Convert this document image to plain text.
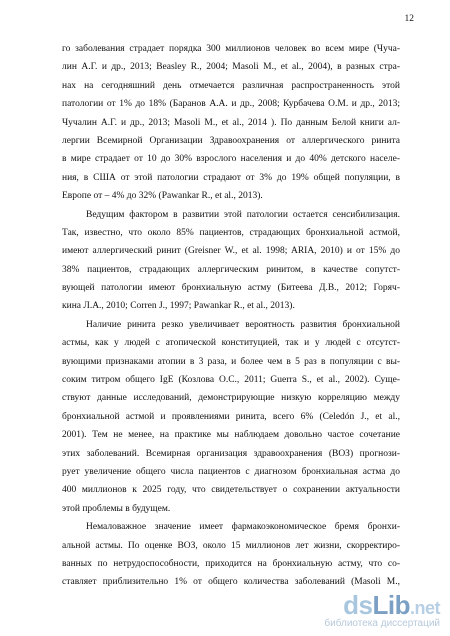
12
го заболевания страдает порядка 300 миллионов человек во всем мире (Чуча-
лин А.Г. и др., 2013; Beasley R., 2004; Masoli M., et al., 2004), в разных стра-
нах на сегодняшний день отмечается различная распространенность этой
патологии от 1% до 18% (Баранов А.А. и др., 2008; Курбачева О.М. и др., 2013;
Чучалин А.Г. и др., 2013; Masoli M., et al., 2014 ). По данным Белой книги ал-
лергии Всемирной Организации Здравоохранения от аллергического ринита
в мире страдает от 10 до 30% взрослого населения и до 40% детского населе-
ния, в США от этой патологии страдают от 3% до 19% общей популяции, в
Европе от – 4% до 32% (Pawankar R., et al., 2013).
Ведущим фактором в развитии этой патологии остается сенсибилизация.
Так, известно, что около 85% пациентов, страдающих бронхиальной астмой,
имеют аллергический ринит (Greisner W., et al. 1998; ARIA, 2010) и от 15% до
38% пациентов, страдающих аллергическим ринитом, в качестве сопутст-
вующей патологии имеют бронхиальную астму (Битеева Д.В., 2012; Горяч-
кина Л.А., 2010; Corren J., 1997; Pawankar R., et al., 2013).
Наличие ринита резко увеличивает вероятность развития бронхиальной
астмы, как у людей с атопической конституцией, так и у людей с отсутст-
вующими признаками атопии в 3 раза, и более чем в 5 раз в популяции с вы-
соким титром общего IgE (Козлова О.С., 2011; Guerra S., et al., 2002). Суще-
ствуют данные исследований, демонстрирующие низкую корреляцию между
бронхиальной астмой и проявлениями ринита, всего 6% (Celedón J., et al.,
2001). Тем не менее, на практике мы наблюдаем довольно частое сочетание
этих заболеваний. Всемирная организация здравоохранения (ВОЗ) прогнози-
рует увеличение общего числа пациентов с диагнозом бронхиальная астма до
400 миллионов к 2025 году, что свидетельствует о сохранении актуальности
этой проблемы в будущем.
Немаловажное значение имеет фармакоэкономическое бремя бронхи-
альной астмы. По оценке ВОЗ, около 15 миллионов лет жизни, скорректиро-
ванных по нетрудоспособности, приходится на бронхиальную астму, что со-
ставляет приблизительно 1% от общего количества заболеваний (Masoli M.,
dsLib.net
библиотека диссертаций
